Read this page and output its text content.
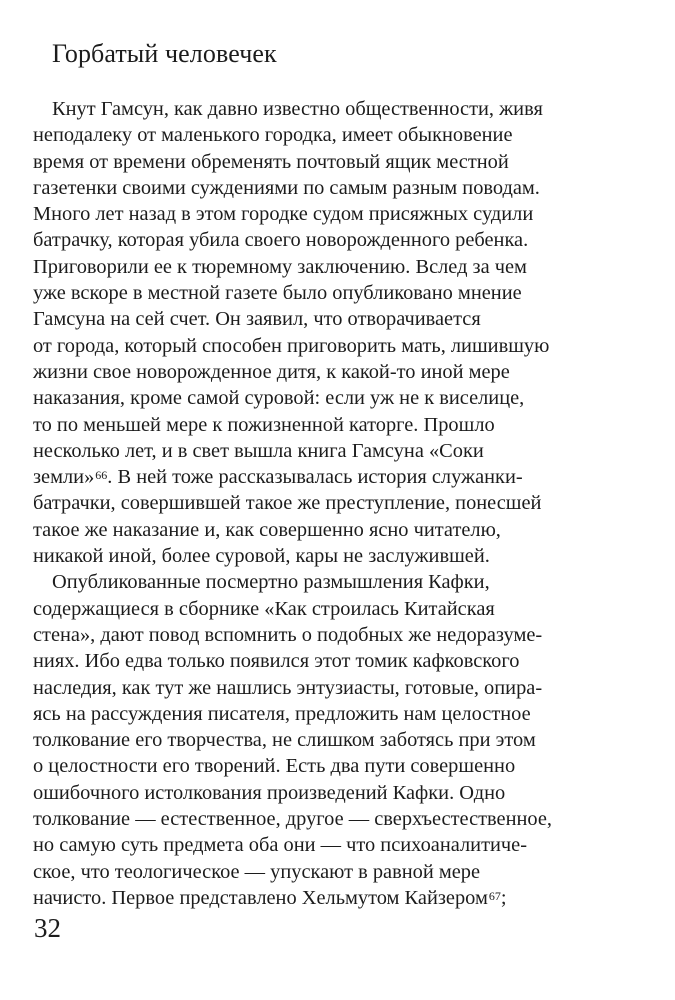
Горбатый человечек
Кнут Гамсун, как давно известно общественности, живя
неподалеку от маленького городка, имеет обыкновение
время от времени обременять почтовый ящик местной
газетенки своими суждениями по самым разным поводам.
Много лет назад в этом городке судом присяжных судили
батрачку, которая убила своего новорожденного ребенка.
Приговорили ее к тюремному заключению. Вслед за чем
уже вскоре в местной газете было опубликовано мнение
Гамсуна на сей счет. Он заявил, что отворачивается
от города, который способен приговорить мать, лишившую
жизни свое новорожденное дитя, к какой-то иной мере
наказания, кроме самой суровой: если уж не к виселице,
то по меньшей мере к пожизненной каторге. Прошло
несколько лет, и в свет вышла книга Гамсуна «Соки
земли»$^{66}$. В ней тоже рассказывалась история служанки-
батрачки, совершившей такое же преступление, понесшей
такое же наказание и, как совершенно ясно читателю,
никакой иной, более суровой, кары не заслужившей.
Опубликованные посмертно размышления Кафки,
содержащиеся в сборнике «Как строилась Китайская
стена», дают повод вспомнить о подобных же недоразуме-
ниях. Ибо едва только появился этот томик кафковского
наследия, как тут же нашлись энтузиасты, готовые, опира-
ясь на рассуждения писателя, предложить нам целостное
толкование его творчества, не слишком заботясь при этом
о целостности его творений. Есть два пути совершенно
ошибочного истолкования произведений Кафки. Одно
толкование — естественное, другое — сверхъестественное,
но самую суть предмета оба они — что психоаналитиче-
ское, что теологическое — упускают в равной мере
начисто. Первое представлено Хельмутом Кайзером$^{67}$;
32
